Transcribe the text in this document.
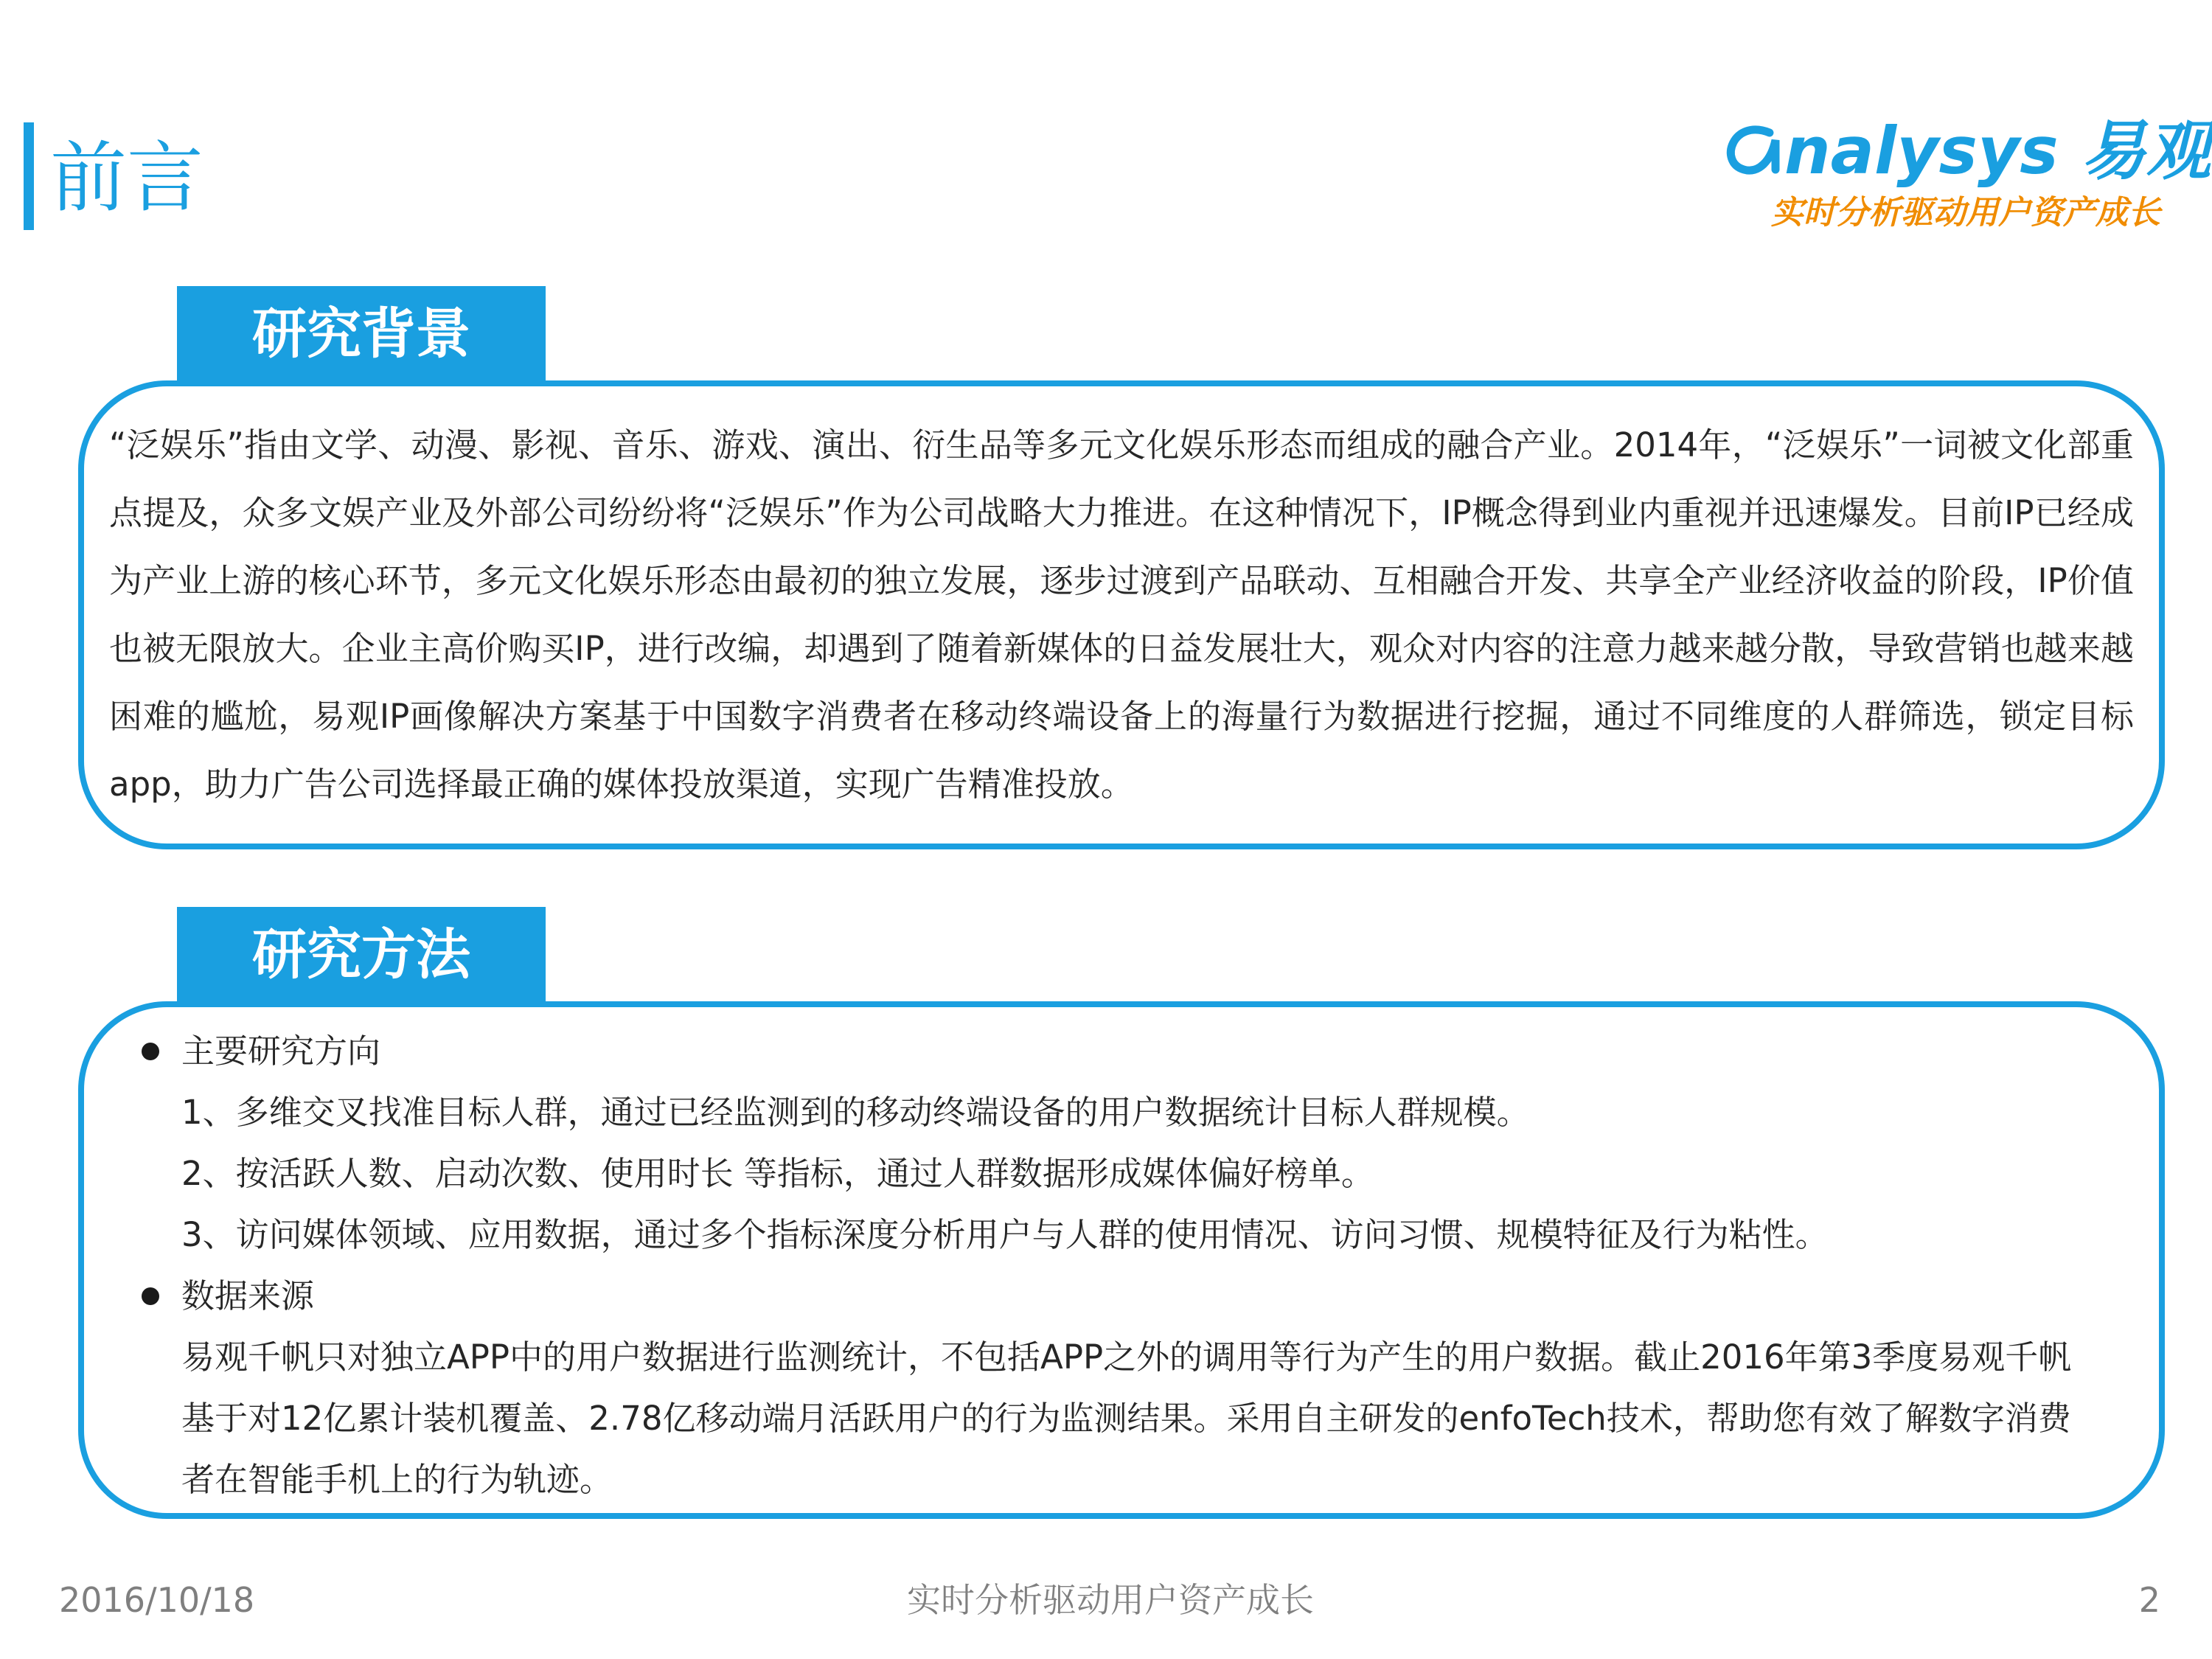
前言	nalysys 易观
实时分析驱动用户资产成长
研究背景
“泛娱乐”指由文学、动漫、影视、音乐、游戏、演出、衍生品等多元文化娱乐形态而组成的融合产业。2014年，“泛娱乐”一词被文化部重点提及，众多文娱产业及外部公司纷纷将“泛娱乐”作为公司战略大力推进。在这种情况下，IP概念得到业内重视并迅速爆发。目前IP已经成为产业上游的核心环节，多元文化娱乐形态由最初的独立发展，逐步过渡到产品联动、互相融合开发、共享全产业经济收益的阶段，IP价值也被无限放大。企业主高价购买IP，进行改编，却遇到了随着新媒体的日益发展壮大，观众对内容的注意力越来越分散，导致营销也越来越困难的尴尬，易观IP画像解决方案基于中国数字消费者在移动终端设备上的海量行为数据进行挖掘，通过不同维度的人群筛选，锁定目标app，助力广告公司选择最正确的媒体投放渠道，实现广告精准投放。
研究方法
主要研究方向
1、多维交叉找准目标人群，通过已经监测到的移动终端设备的用户数据统计目标人群规模。
2、按活跃人数、启动次数、使用时长 等指标，通过人群数据形成媒体偏好榜单。
3、访问媒体领域、应用数据，通过多个指标深度分析用户与人群的使用情况、访问习惯、规模特征及行为粘性。
数据来源
易观千帆只对独立APP中的用户数据进行监测统计，不包括APP之外的调用等行为产生的用户数据。截止2016年第3季度易观千帆基于对12亿累计装机覆盖、2.78亿移动端月活跃用户的行为监测结果。采用自主研发的enfoTech技术，帮助您有效了解数字消费者在智能手机上的行为轨迹。
2016/10/18	实时分析驱动用户资产成长	2
